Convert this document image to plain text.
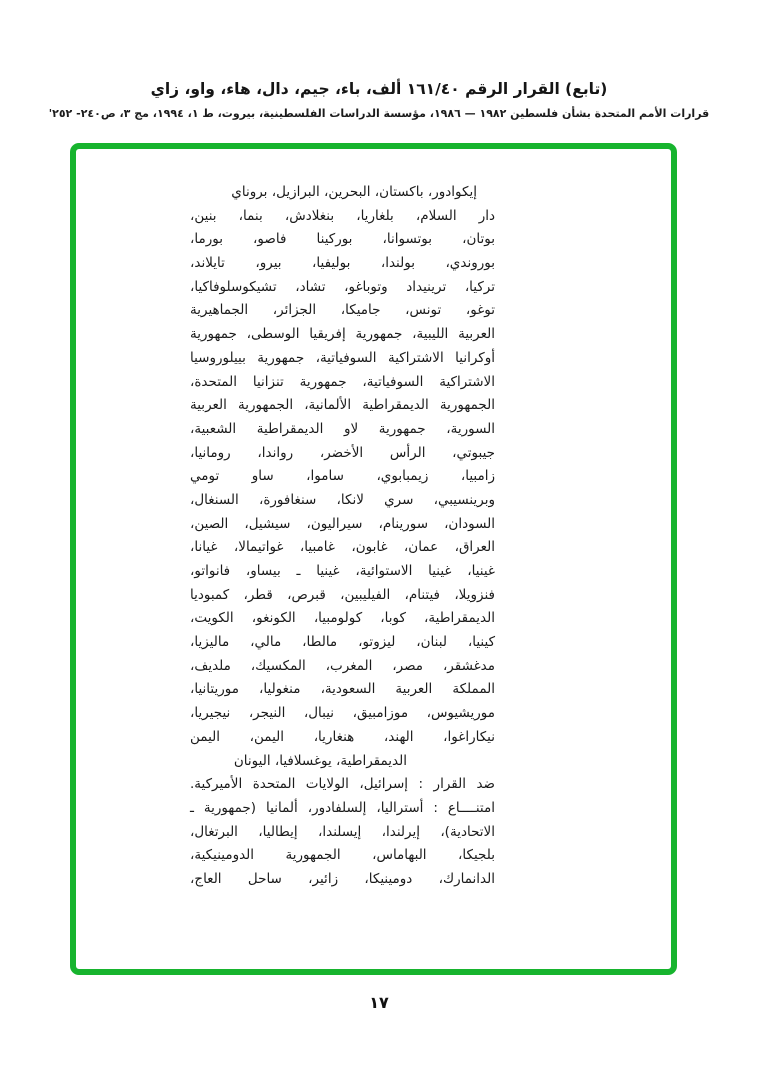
(تابع) القرار الرقم ١٦١/٤٠ ألف، باء، جيم، دال، هاء، واو، زاي
قرارات الأمم المتحدة بشأن فلسطين ١٩٨٢ — ١٩٨٦، مؤسسة الدراسات الفلسطينية، بيروت، ط ١، ١٩٩٤، مج ٣، ص٢٤٠- ٢٥٢'
إيكوادور، باكستان، البحرين، البرازيل، بروناي
دار السلام، بلغاريا، بنغلادش، بنما، بنين،
بوتان، بوتسوانا، بوركينا فاصو، بورما،
بوروندي، بولندا، بوليفيا، بيرو، تايلاند،
تركيا، ترينيداد وتوباغو، تشاد، تشيكوسلوفاكيا،
توغو، تونس، جاميكا، الجزائر، الجماهيرية
العربية الليبية، جمهورية إفريقيا الوسطى، جمهورية
أوكرانيا الاشتراكية السوفياتية، جمهورية بييلوروسيا
الاشتراكية السوفياتية، جمهورية تنزانيا المتحدة،
الجمهورية الديمقراطية الألمانية، الجمهورية العربية
السورية، جمهورية لاو الديمقراطية الشعبية،
جيبوتي، الرأس الأخضر، رواندا، رومانيا،
زامبيا، زيمبابوي، ساموا، ساو تومي
وبرينسيبي، سري لانكا، سنغافورة، السنغال،
السودان، سورينام، سيراليون، سيشيل، الصين،
العراق، عمان، غابون، غامبيا، غواتيمالا، غيانا،
غينيا، غينيا الاستوائية، غينيا ـ بيساو، فانواتو،
فنزويلا، فيتنام، الفيليبين، قبرص، قطر، كمبوديا
الديمقراطية، كوبا، كولومبيا، الكونغو، الكويت،
كينيا، لبنان، ليزوتو، مالطا، مالي، ماليزيا،
مدغشقر، مصر، المغرب، المكسيك، ملديف،
المملكة العربية السعودية، منغوليا، موريتانيا،
موريشيوس، موزامبيق، نيبال، النيجر، نيجيريا،
نيكاراغوا، الهند، هنغاريا، اليمن، اليمن
الديمقراطية، يوغسلافيا، اليونان
ضد القرار : إسرائيل، الولايات المتحدة الأميركية.
امتنــــاع : أستراليا، إلسلفادور، ألمانيا (جمهورية ـ
الاتحادية)، إيرلندا، إيسلندا، إيطاليا، البرتغال،
بلجيكا، البهاماس، الجمهورية الدومينيكية،
الدانمارك، دومينيكا، زائير، ساحل العاج،
١٧
